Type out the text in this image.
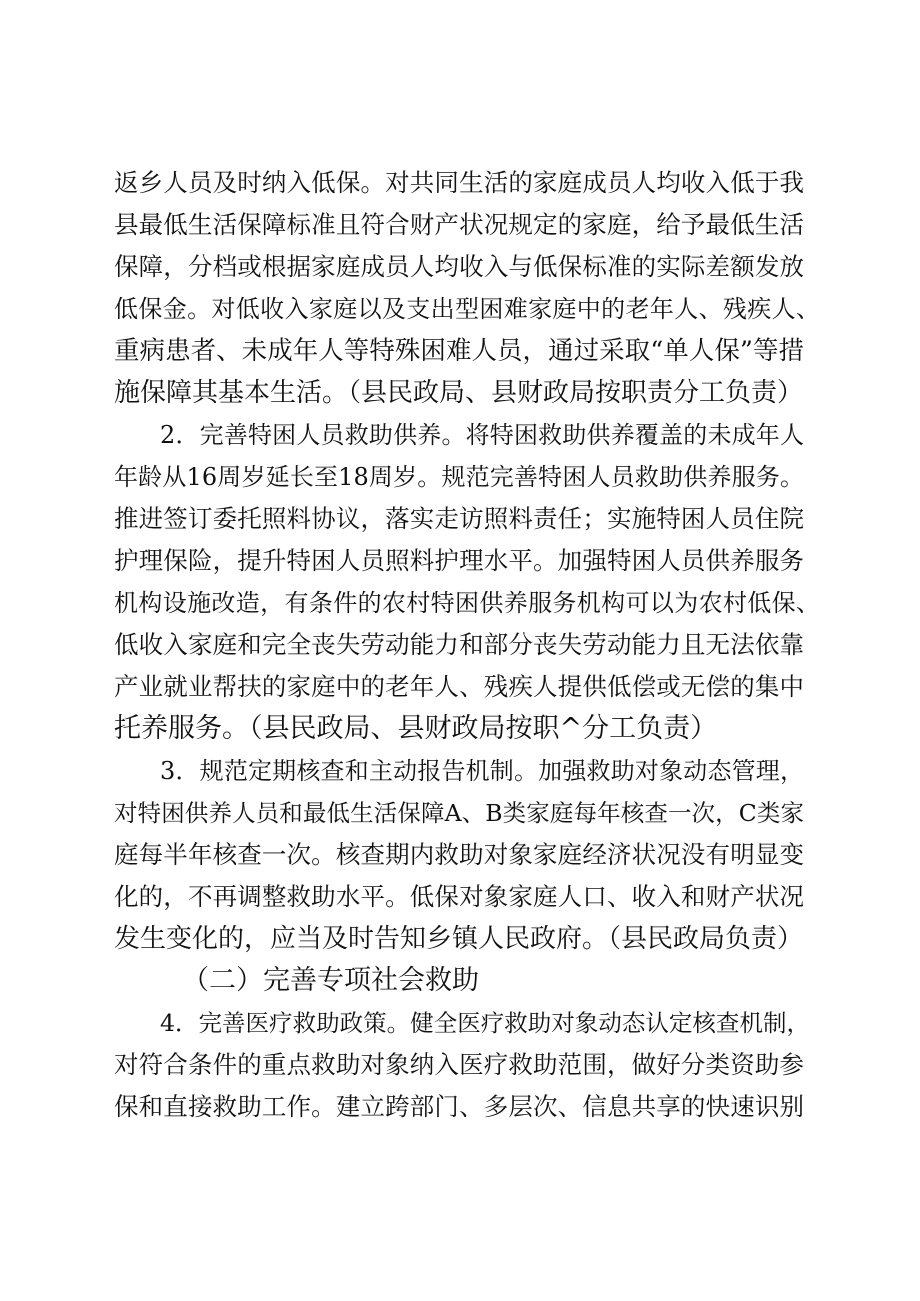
返乡人员及时纳入低保。对共同生活的家庭成员人均收入低于我
县最低生活保障标准且符合财产状况规定的家庭，给予最低生活
保障，分档或根据家庭成员人均收入与低保标准的实际差额发放
低保金。对低收入家庭以及支出型困难家庭中的老年人、残疾人、
重病患者、未成年人等特殊困难人员，通过采取“单人保”等措
施保障其基本生活。（县民政局、县财政局按职责分工负责）
2．完善特困人员救助供养。将特困救助供养覆盖的未成年人
年龄从16周岁延长至18周岁。规范完善特困人员救助供养服务。
推进签订委托照料协议，落实走访照料责任；实施特困人员住院
护理保险，提升特困人员照料护理水平。加强特困人员供养服务
机构设施改造，有条件的农村特困供养服务机构可以为农村低保、
低收入家庭和完全丧失劳动能力和部分丧失劳动能力且无法依靠
产业就业帮扶的家庭中的老年人、残疾人提供低偿或无偿的集中
托养服务。（县民政局、县财政局按职^分工负责）
3．规范定期核查和主动报告机制。加强救助对象动态管理，
对特困供养人员和最低生活保障A、B类家庭每年核查一次，C类家
庭每半年核查一次。核查期内救助对象家庭经济状况没有明显变
化的，不再调整救助水平。低保对象家庭人口、收入和财产状况
发生变化的，应当及时告知乡镇人民政府。（县民政局负责）
（二）完善专项社会救助
4．完善医疗救助政策。健全医疗救助对象动态认定核查机制，
对符合条件的重点救助对象纳入医疗救助范围，做好分类资助参
保和直接救助工作。建立跨部门、多层次、信息共享的快速识别
